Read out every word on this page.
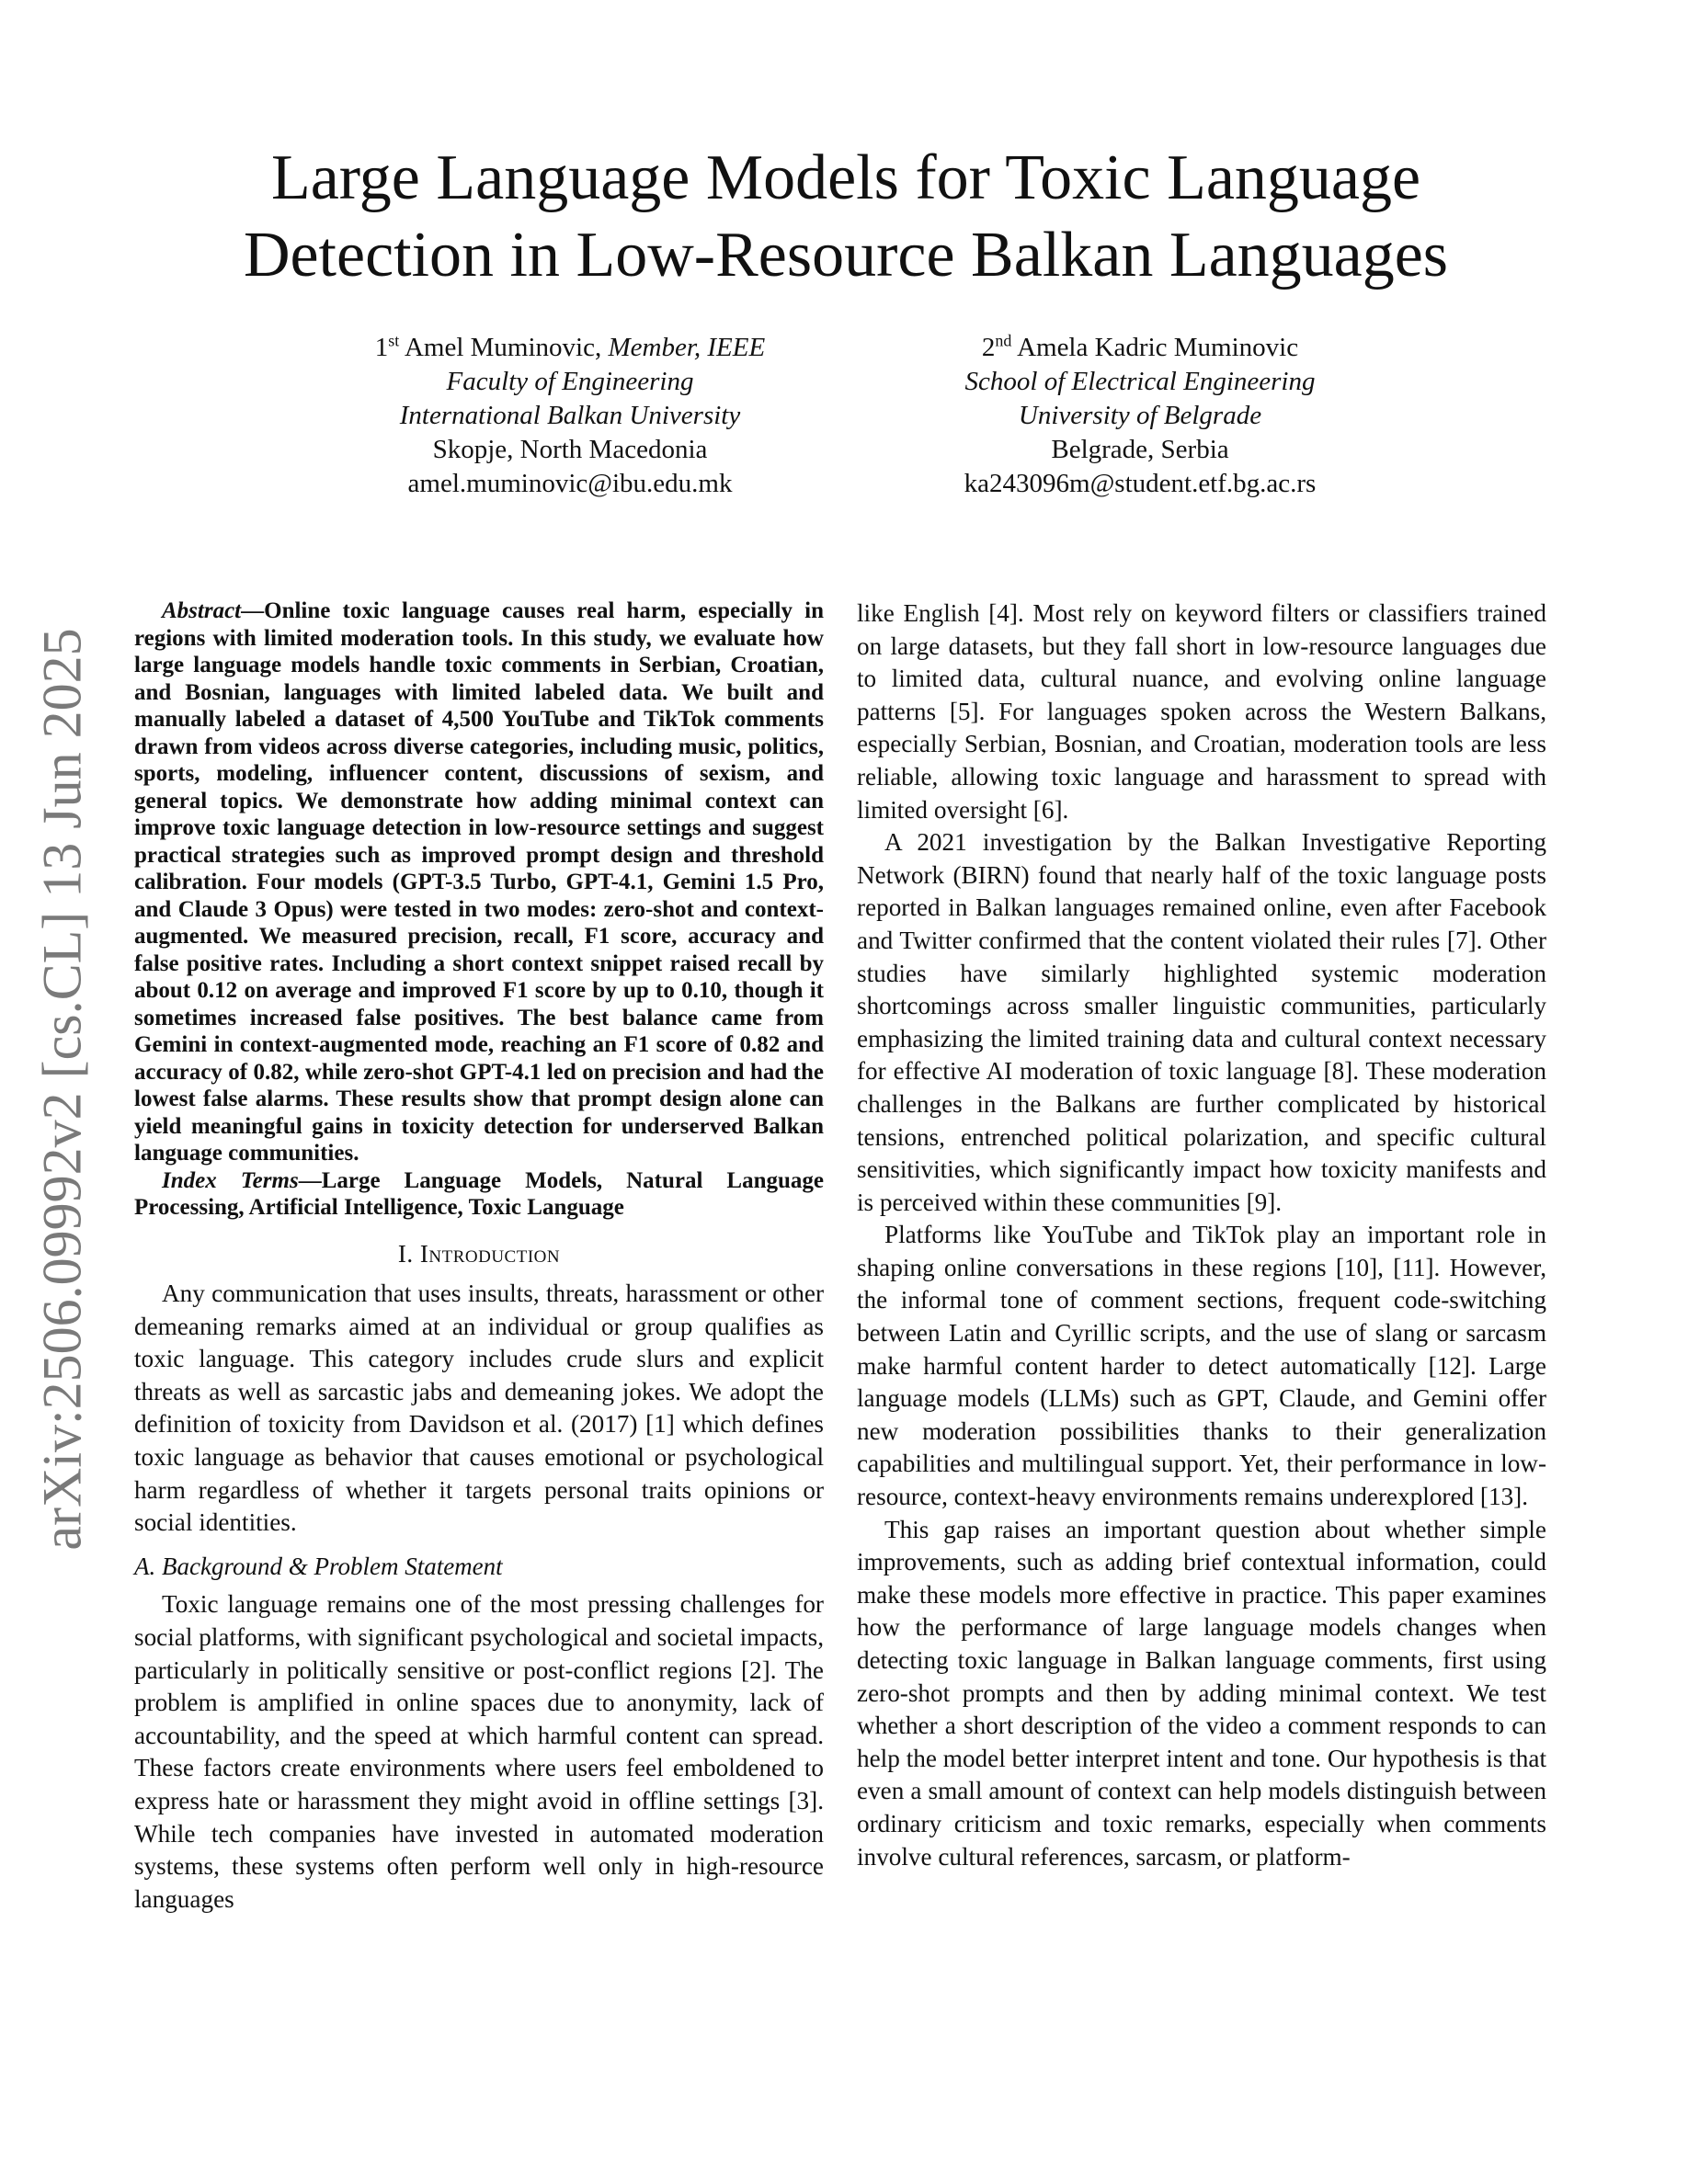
arXiv:2506.09992v2 [cs.CL] 13 Jun 2025
Large Language Models for Toxic Language
Detection in Low-Resource Balkan Languages
1st Amel Muminovic, Member, IEEE
Faculty of Engineering
International Balkan University
Skopje, North Macedonia
amel.muminovic@ibu.edu.mk
2nd Amela Kadric Muminovic
School of Electrical Engineering
University of Belgrade
Belgrade, Serbia
ka243096m@student.etf.bg.ac.rs

Abstract—Online toxic language causes real harm, especially in regions with limited moderation tools. In this study, we evaluate how large language models handle toxic comments in Serbian, Croatian, and Bosnian, languages with limited labeled data. We built and manually labeled a dataset of 4,500 YouTube and TikTok comments drawn from videos across diverse categories, including music, politics, sports, modeling, influencer content, discussions of sexism, and general topics. We demonstrate how adding minimal context can improve toxic language detection in low-resource settings and suggest practical strategies such as improved prompt design and threshold calibration. Four models (GPT-3.5 Turbo, GPT-4.1, Gemini 1.5 Pro, and Claude 3 Opus) were tested in two modes: zero-shot and context-augmented. We measured precision, recall, F1 score, accuracy and false positive rates. Including a short context snippet raised recall by about 0.12 on average and improved F1 score by up to 0.10, though it sometimes increased false positives. The best balance came from Gemini in context-augmented mode, reaching an F1 score of 0.82 and accuracy of 0.82, while zero-shot GPT-4.1 led on precision and had the lowest false alarms. These results show that prompt design alone can yield meaningful gains in toxicity detection for underserved Balkan language communities.

Index Terms—Large Language Models, Natural Language Processing, Artificial Intelligence, Toxic Language

I. Introduction

Any communication that uses insults, threats, harassment or other demeaning remarks aimed at an individual or group qualifies as toxic language. This category includes crude slurs and explicit threats as well as sarcastic jabs and demeaning jokes. We adopt the definition of toxicity from Davidson et al. (2017) [1] which defines toxic language as behavior that causes emotional or psychological harm regardless of whether it targets personal traits opinions or social identities.

A. Background & Problem Statement

Toxic language remains one of the most pressing challenges for social platforms, with significant psychological and societal impacts, particularly in politically sensitive or post-conflict regions [2]. The problem is amplified in online spaces due to anonymity, lack of accountability, and the speed at which harmful content can spread. These factors create environments where users feel emboldened to express hate or harassment they might avoid in offline settings [3]. While tech companies have invested in automated moderation systems, these systems often perform well only in high-resource languages

like English [4]. Most rely on keyword filters or classifiers trained on large datasets, but they fall short in low-resource languages due to limited data, cultural nuance, and evolving online language patterns [5]. For languages spoken across the Western Balkans, especially Serbian, Bosnian, and Croatian, moderation tools are less reliable, allowing toxic language and harassment to spread with limited oversight [6].

A 2021 investigation by the Balkan Investigative Reporting Network (BIRN) found that nearly half of the toxic language posts reported in Balkan languages remained online, even after Facebook and Twitter confirmed that the content violated their rules [7]. Other studies have similarly highlighted systemic moderation shortcomings across smaller linguistic communities, particularly emphasizing the limited training data and cultural context necessary for effective AI moderation of toxic language [8]. These moderation challenges in the Balkans are further complicated by historical tensions, entrenched political polarization, and specific cultural sensitivities, which significantly impact how toxicity manifests and is perceived within these communities [9].

Platforms like YouTube and TikTok play an important role in shaping online conversations in these regions [10], [11]. However, the informal tone of comment sections, frequent code-switching between Latin and Cyrillic scripts, and the use of slang or sarcasm make harmful content harder to detect automatically [12]. Large language models (LLMs) such as GPT, Claude, and Gemini offer new moderation possibilities thanks to their generalization capabilities and multilingual support. Yet, their performance in low-resource, context-heavy environments remains underexplored [13].

This gap raises an important question about whether simple improvements, such as adding brief contextual information, could make these models more effective in practice. This paper examines how the performance of large language models changes when detecting toxic language in Balkan language comments, first using zero-shot prompts and then by adding minimal context. We test whether a short description of the video a comment responds to can help the model better interpret intent and tone. Our hypothesis is that even a small amount of context can help models distinguish between ordinary criticism and toxic remarks, especially when comments involve cultural references, sarcasm, or platform-
